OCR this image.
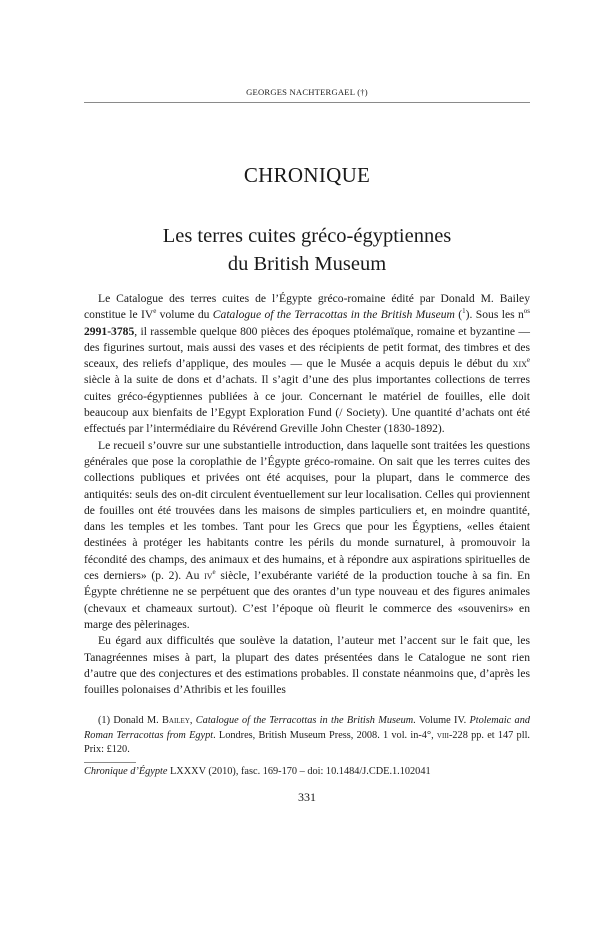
GEORGES NACHTERGAEL (†)
CHRONIQUE
Les terres cuites gréco-égyptiennes
du British Museum

Le Catalogue des terres cuites de l’Égypte gréco-romaine édité par Donald M. Bailey constitue le IVe volume du Catalogue of the Terracottas in the British Museum ($^1$). Sous les $n^{os}$ 2991-3785, il rassemble quelque 800 pièces des époques ptolémaïque, romaine et byzantine — des figurines surtout, mais aussi des vases et des récipients de petit format, des timbres et des sceaux, des reliefs d’applique, des moules — que le Musée a acquis depuis le début du xix$^e$ siècle à la suite de dons et d’achats. Il s’agit d’une des plus importantes collections de terres cuites gréco-égyptiennes publiées à ce jour. Concernant le matériel de fouilles, elle doit beaucoup aux bienfaits de l’Egypt Exploration Fund (/ Society). Une quantité d’achats ont été effectués par l’intermédiaire du Révérend Greville John Chester (1830-1892).

Le recueil s’ouvre sur une substantielle introduction, dans laquelle sont traitées les questions générales que pose la coroplathie de l’Égypte gréco-romaine. On sait que les terres cuites des collections publiques et privées ont été acquises, pour la plupart, dans le commerce des antiquités: seuls des on-dit circulent éventuellement sur leur localisation. Celles qui proviennent de fouilles ont été trouvées dans les maisons de simples particuliers et, en moindre quantité, dans les temples et les tombes. Tant pour les Grecs que pour les Égyptiens, «elles étaient destinées à protéger les habitants contre les périls du monde surnaturel, à promouvoir la fécondité des champs, des animaux et des humains, et à répondre aux aspirations spirituelles de ces derniers» (p. 2). Au $iv^e$ siècle, l’exubérante variété de la production touche à sa fin. En Égypte chrétienne ne se perpétuent que des orantes d’un type nouveau et des figures animales (chevaux et chameaux surtout). C’est l’époque où fleurit le commerce des «souvenirs» en marge des pèlerinages.

Eu égard aux difficultés que soulève la datation, l’auteur met l’accent sur le fait que, les Tanagréennes mises à part, la plupart des dates présentées dans le Catalogue ne sont rien d’autre que des conjectures et des estimations probables. Il constate néanmoins que, d’après les fouilles polonaises d’Athribis et les fouilles

(1) Donald M. Bailey, Catalogue of the Terracottas in the British Museum. Volume IV. Ptolemaic and Roman Terracottas from Egypt. Londres, British Museum Press, 2008. 1 vol. in-4°, viii-228 pp. et 147 pll. Prix: £120.

Chronique d’Égypte LXXXV (2010), fasc. 169-170 – doi: 10.1484/J.CDE.1.102041
331
